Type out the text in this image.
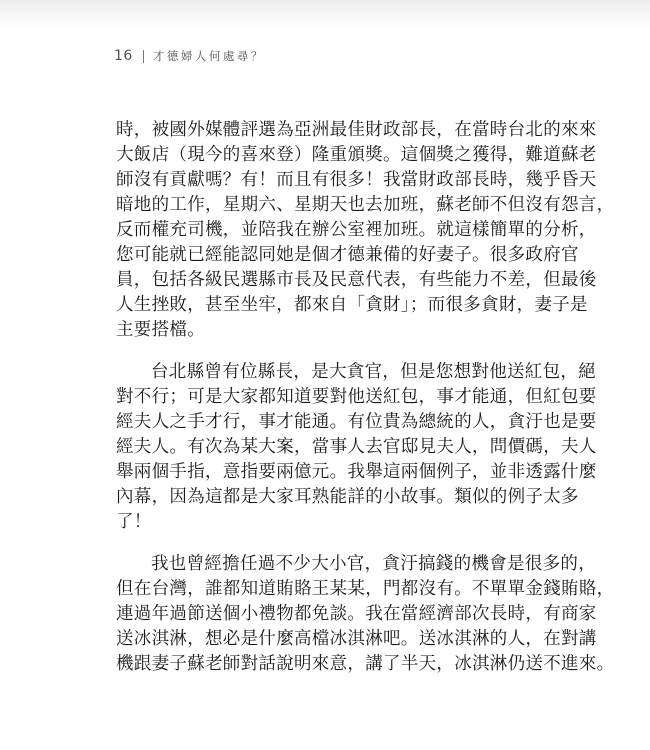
16 才德婦人何處尋？
時，被國外媒體評選為亞洲最佳財政部長，在當時台北的來來
大飯店（現今的喜來登）隆重頒獎。這個獎之獲得，難道蘇老
師沒有貢獻嗎？有！而且有很多！我當財政部長時，幾乎昏天
暗地的工作，星期六、星期天也去加班，蘇老師不但沒有怨言，
反而權充司機，並陪我在辦公室裡加班。就這樣簡單的分析，
您可能就已經能認同她是個才德兼備的好妻子。很多政府官
員，包括各級民選縣市長及民意代表，有些能力不差，但最後
人生挫敗，甚至坐牢，都來自「貪財」；而很多貪財，妻子是
主要搭檔。
台北縣曾有位縣長，是大貪官，但是您想對他送紅包，絕
對不行；可是大家都知道要對他送紅包，事才能通，但紅包要
經夫人之手才行，事才能通。有位貴為總統的人，貪汙也是要
經夫人。有次為某大案，當事人去官邸見夫人，問價碼，夫人
舉兩個手指，意指要兩億元。我舉這兩個例子，並非透露什麼
內幕，因為這都是大家耳熟能詳的小故事。類似的例子太多
了！
我也曾經擔任過不少大小官，貪汙搞錢的機會是很多的，
但在台灣，誰都知道賄賂王某某，門都沒有。不單單金錢賄賂，
連過年過節送個小禮物都免談。我在當經濟部次長時，有商家
送冰淇淋，想必是什麼高檔冰淇淋吧。送冰淇淋的人，在對講
機跟妻子蘇老師對話說明來意，講了半天，冰淇淋仍送不進來。
